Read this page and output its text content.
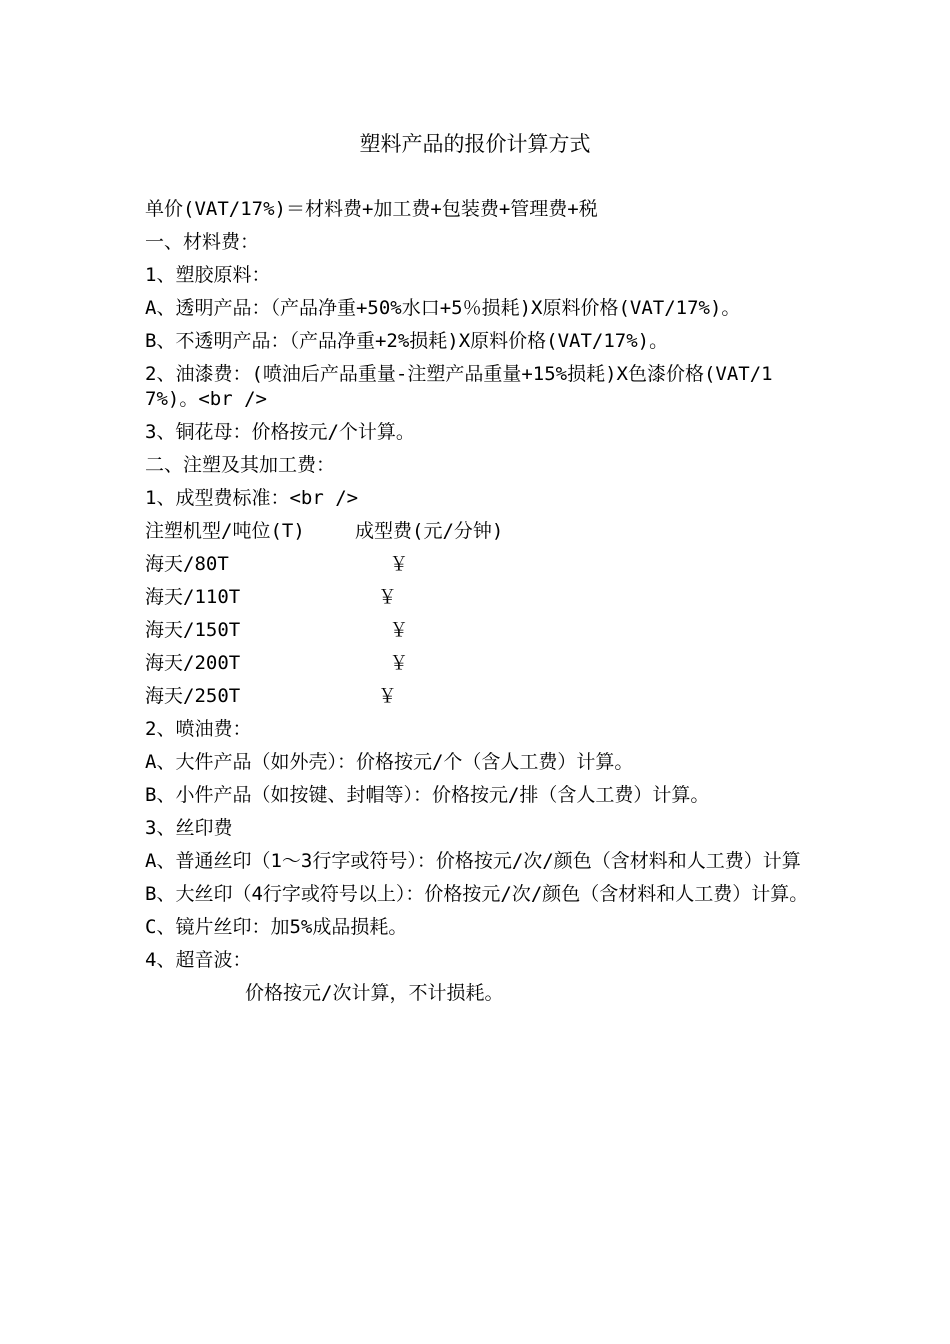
塑料产品的报价计算方式
单价(VAT/17%)＝材料费+加工费+包装费+管理费+税
一、材料费：
1、塑胶原料：
A、透明产品：（产品净重+50%水口+5％损耗)X原料价格(VAT/17%)。
B、不透明产品：（产品净重+2%损耗)X原料价格(VAT/17%)。
2、油漆费：(喷油后产品重量-注塑产品重量+15%损耗)X色漆价格(VAT/17%)。<br />
3、铜花母：价格按元/个计算。
二、注塑及其加工费：
1、成型费标准：<br />
注塑机型/吨位(T)	成型费(元/分钟)
海天/80T	￥
海天/110T	￥
海天/150T	￥
海天/200T	￥
海天/250T	￥
2、喷油费：
A、大件产品（如外壳）：价格按元/个（含人工费）计算。
B、小件产品（如按键、封帽等）：价格按元/排（含人工费）计算。
3、丝印费
A、普通丝印（1～3行字或符号）：价格按元/次/颜色（含材料和人工费）计算
B、大丝印（4行字或符号以上）：价格按元/次/颜色（含材料和人工费）计算。
C、镜片丝印：加5%成品损耗。
4、超音波：
价格按元/次计算，不计损耗。
